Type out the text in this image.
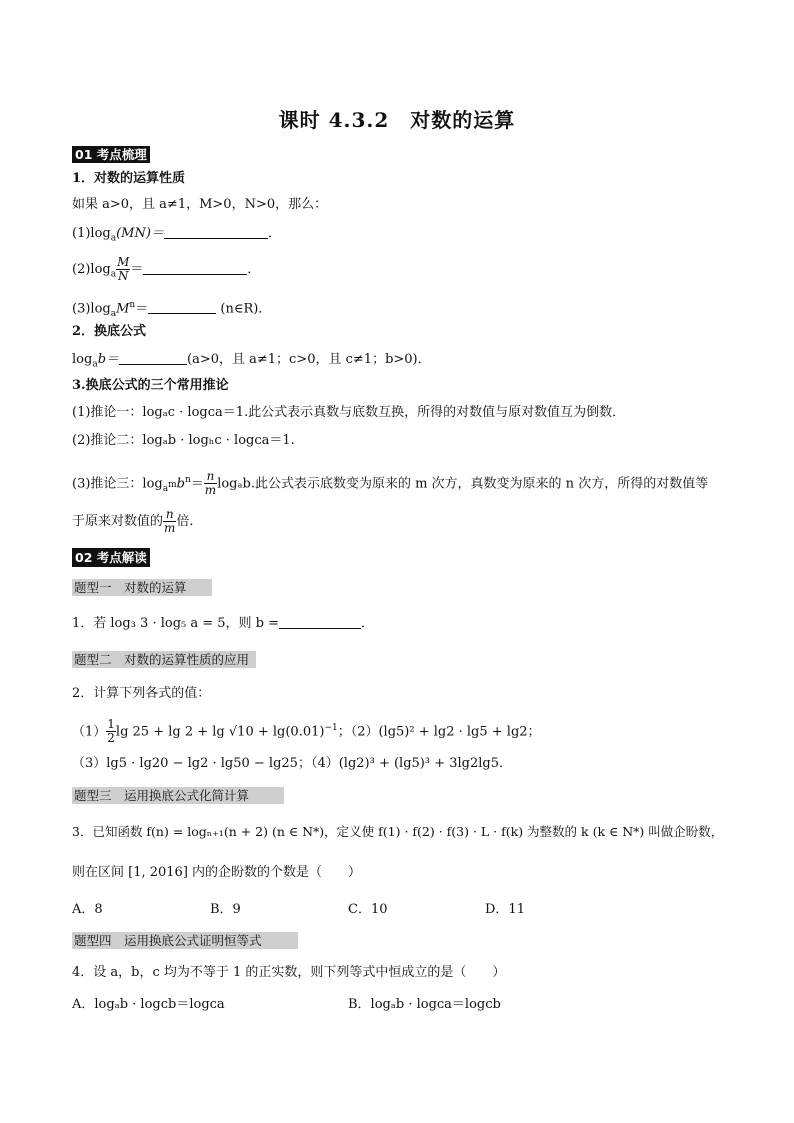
课时 4.3.2　对数的运算
01 考点梳理
1．对数的运算性质
如果 a>0，且 a≠1，M>0，N>0，那么：
$(1)\log_a(MN)=$	．
$(2)\log_a \frac{M}{N}$ ＝	．
$(3)\log_aM^n=$	(n∈R)．
2．换底公式
$\log_ab=$	(a>0，且 a≠1；c>0，且 c≠1；b>0)．
3.换底公式的三个常用推论
(1)推论一：logₐc · logᴄa＝1.此公式表示真数与底数互换，所得的对数值与原对数值互为倒数．
(2)推论二：logₐb · logₕc · logᴄa＝1.
(3)推论三：$\log_{a^m}b^n= \frac{n}{m} \log_ab$.此公式表示底数变为原来的 m 次方，真数变为原来的 n 次方，所得的对数值等
于原来对数值的 $\frac{n}{m}$ 倍．
02 考点解读
题型一　对数的运算
1．若 log₃ 3 · log₅ a = 5，则 b =	．
题型二　对数的运算性质的应用
2．计算下列各式的值：
$(1) \frac{1}{2}$ $\lg 25 + \lg 2 + \lg √10 + \lg(0.01)^{-1}$；（2）(lg5)² + lg2 · lg5 + lg2；
（3）lg5 · lg20 − lg2 · lg50 − lg25；（4）(lg2)³ + (lg5)³ + 3lg2lg5．
题型三　运用换底公式化简计算
3．已知函数 f(n) = logₙ₊₁(n + 2) (n ∈ N*)，定义使 f(1) · f(2) · f(3) · L · f(k) 为整数的 k (k ∈ N*) 叫做企盼数，
则在区间 [1, 2016] 内的企盼数的个数是（　　）
A．8	B．9	C．10	D．11
题型四　运用换底公式证明恒等式
4．设 a，b，c 均为不等于 1 的正实数，则下列等式中恒成立的是（　　）
A．logₐb · logᴄb＝logᴄa	B．logₐb · logᴄa＝logᴄb
